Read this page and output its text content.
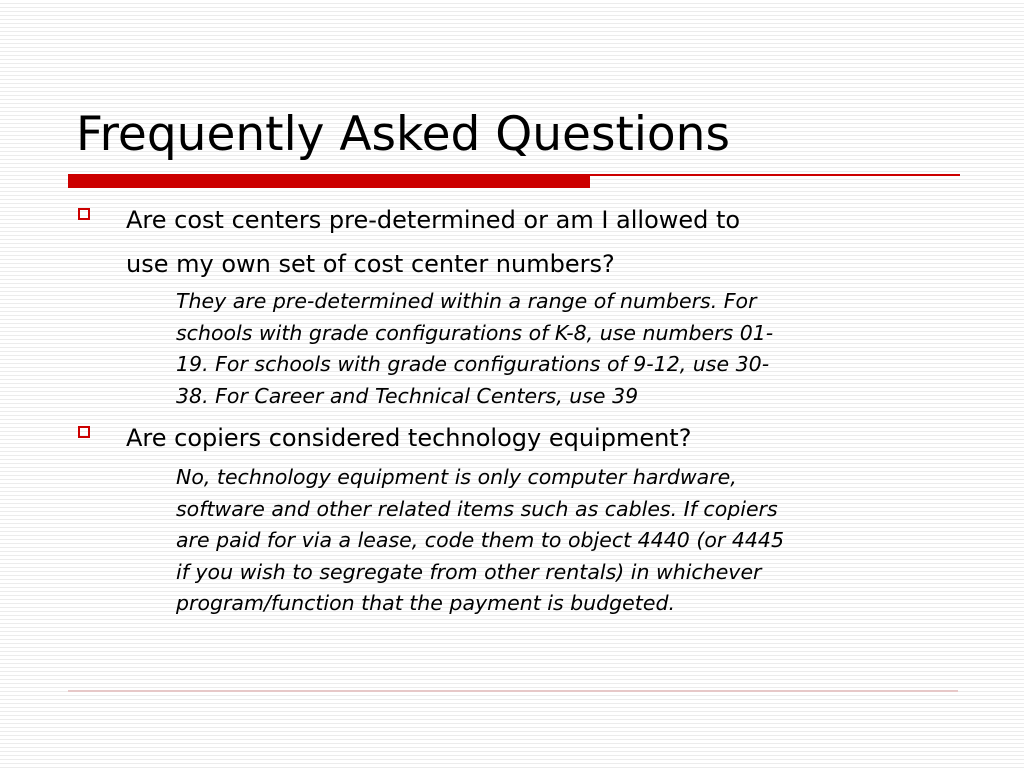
Frequently Asked Questions

Are cost centers pre-determined or am I allowed to
use my own set of cost center numbers?

They are pre-determined within a range of numbers. For
schools with grade configurations of K-8, use numbers 01-
19. For schools with grade configurations of 9-12, use 30-
38. For Career and Technical Centers, use 39

Are copiers considered technology equipment?

No, technology equipment is only computer hardware,
software and other related items such as cables. If copiers
are paid for via a lease, code them to object 4440 (or 4445
if you wish to segregate from other rentals) in whichever
program/function that the payment is budgeted.
